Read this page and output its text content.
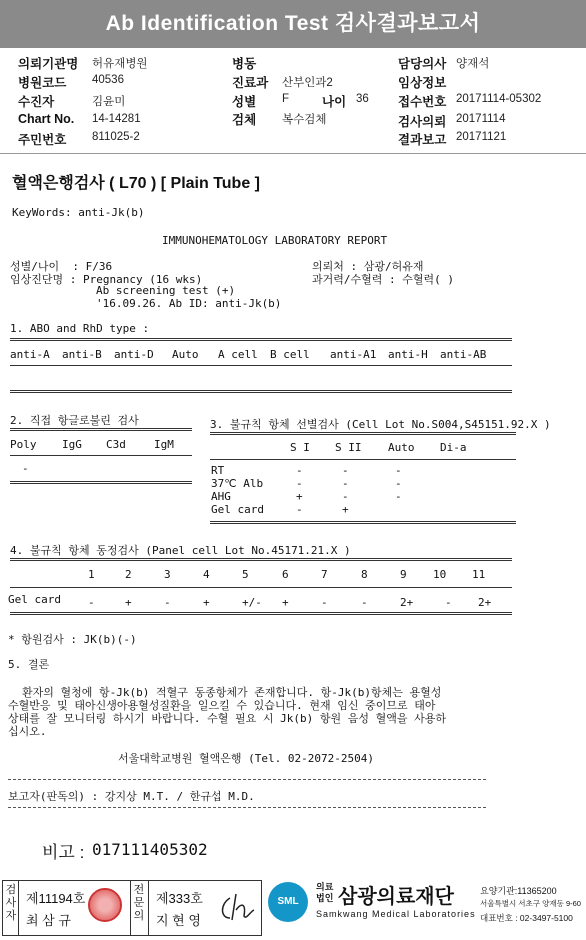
Ab Identification Test 검사결과보고서
의뢰기관명 허유재병원
병원코드 40536
수진자	김윤미
Chart No. 14-14281
주민번호 811025-2
병동
진료과 산부인과2
성별 F	나이 36
검체 복수검체
담당의사 양재석
임상정보
접수번호 20171114-05302
검사의뢰 20171114
결과보고 20171121
혈액은행검사 ( L70 ) [ Plain Tube ]
KeyWords: anti-Jk(b)
IMMUNOHEMATOLOGY LABORATORY REPORT
성별/나이  : F/36
임상진단명 : Pregnancy (16 wks)
Ab screening test (+)
'16.09.26. Ab ID: anti-Jk(b)
의뢰처 : 삼광/허유재
과거력/수혈력 : 수혈력( )
1. ABO and RhD type :
anti-A anti-B anti-D Auto A cell B cell anti-A1 anti-H anti-AB
2. 직접 항글로불린 검사
Poly IgG C3d	IgM
-
3. 불규칙 항체 선별검사 (Cell Lot No.S004,S45151.92.X )
S I S II Auto Di-a
RT	-	-	-
37℃ Alb	-	-	-
AHG	+	-	-
Gel card	-	+
4. 불규칙 항체 동정검사 (Panel cell Lot No.45171.21.X )
1	2	3	4	5	6	7	8	9 10 11
Gel card -	+	-	+	+/- +	-	-	2+	- 2+
* 항원검사 : JK(b)(-)
5. 결론
환자의 혈청에 항-Jk(b) 적혈구 동종항체가 존재합니다. 항-Jk(b)항체는 용혈성
수혈반응 및 태아신생아용혈성질환을 일으킬 수 있습니다. 현재 임신 중이므로 태아
상태를 잘 모니터링 하시기 바랍니다. 수혈 필요 시 Jk(b) 항원 음성 혈액을 사용하
십시오.
서울대학교병원 혈액은행 (Tel. 02-2072-2504)
보고자(판독의) : 강지상 M.T. / 한규섭 M.D.
비고 : 017111405302
검사자
제11194호
최 삼 규
전문의
제333호
지 현 영
SML
의료
법인 삼광의료재단
Samkwang Medical Laboratories
요양기관:11365200
서울특별시 서초구 양재동 9-60
대표번호 : 02-3497-5100
